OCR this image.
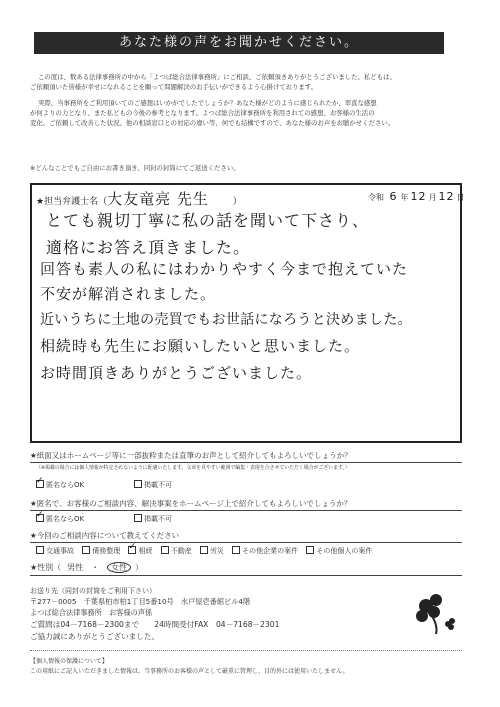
あなた様の声をお聞かせください。
この度は、数ある法律事務所の中から「よつば総合法律事務所」にご相談、ご依頼頂きありがとうございました。私どもは、
ご依頼頂いた皆様が幸せになれることを願って問題解決のお手伝いができるよう心掛けております。
実際、当事務所をご利用頂いてのご感想はいかがでしたでしょうか？あなた様がどのように感じられたか、率直な感想
が何よりの力となり、また私どもの今後の参考となります。よつば総合法律事務所を利用されての感想、お客様の生活の
変化、ご依頼して改善した状況、他の相談窓口との対応の違い等、何でも結構ですので、あなた様のお声をお聴かせください。
※どんなことでもご自由にお書き頂き、同封の封筒にてご返送ください。
★担当弁護士名（大友竜亮 先生	）	令和 6 年 12 月 12 日
とても親切丁寧に私の話を聞いて下さり、
適格にお答え頂きました。
回答も素人の私にはわかりやすく今まで抱えていた
不安が解消されました。
近いうちに土地の売買でもお世話になろうと決めました。
相続時も先生にお願いしたいと思いました。
お時間頂きありがとうございました。
★紙面又はホームページ等に一部抜粋または直筆のお声として紹介してもよろしいでしょうか？
（※掲載の場合には個人情報が特定されないように配慮いたします。文章を見やすい範囲で編集・表現を合させていただく場合がございます。）
✓匿名ならOK	掲載不可
★匿名で、お客様のご相談内容、解決事案をホームページ上で紹介してもよろしいでしょうか？
✓匿名ならOK	掲載不可
★今回のご相談内容について教えてください
交通事故	債務整理 ✓	相続	不動産	労災	その他企業の案件	その他個人の案件
★性別（ 男性 ・ 女性 ）
お送り先（同封の封筒をご利用下さい）
〒277－0005　千葉県柏市柏1丁目5番10号　水戸屋壱番館ビル4階
よつば総合法律事務所　お客様の声係
ご質問は04－7168－2300まで　　24時間受付FAX　04－7168－2301
ご協力誠にありがとうございました。
【個人情報の保護について】
この用紙にご記入いただきました情報は、当事務所のお客様の声として厳重に管理し、目的外には使用いたしません。
